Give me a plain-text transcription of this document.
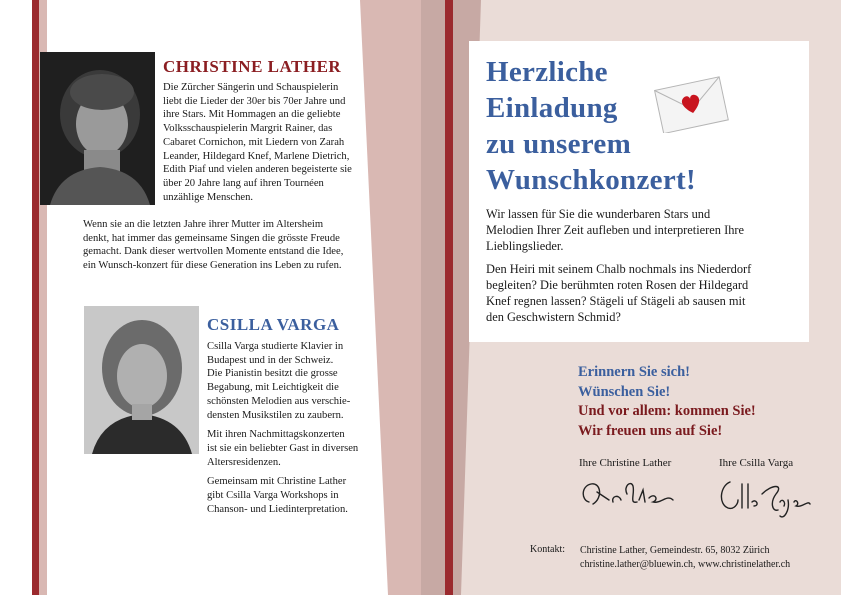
CHRISTINE LATHER
Die Zürcher Sängerin und Schauspielerin
liebt die Lieder der 30er bis 70er Jahre und
ihre Stars. Mit Hommagen an die geliebte
Volksschauspielerin Margrit Rainer, das
Cabaret Cornichon, mit Liedern von Zarah
Leander, Hildegard Knef, Marlene Dietrich,
Edith Piaf und vielen anderen begeisterte sie
über 20 Jahre lang auf ihren Tournéen
unzählige Menschen.
Wenn sie an die letzten Jahre ihrer Mutter im Altersheim
denkt, hat immer das gemeinsame Singen die grösste Freude
gemacht. Dank dieser wertvollen Momente entstand die Idee,
ein Wunsch-konzert für diese Generation ins Leben zu rufen.
CSILLA VARGA

Csilla Varga studierte Klavier in
Budapest und in der Schweiz.
Die Pianistin besitzt die grosse
Begabung, mit Leichtigkeit die
schönsten Melodien aus verschie-
densten Musikstilen zu zaubern.

Mit ihren Nachmittagskonzerten
ist sie ein beliebter Gast in diversen
Altersresidenzen.

Gemeinsam mit Christine Lather
gibt Csilla Varga Workshops in
Chanson- und Liedinterpretation.

Herzliche
Einladung
zu unserem
Wunschkonzert!

Wir lassen für Sie die wunderbaren Stars und
Melodien Ihrer Zeit aufleben und interpretieren Ihre
Lieblingslieder.

Den Heiri mit seinem Chalb nochmals ins Niederdorf
begleiten? Die berühmten roten Rosen der Hildegard
Knef regnen lassen? Stägeli uf Stägeli ab sausen mit
den Geschwistern Schmid?

Erinnern Sie sich!
Wünschen Sie!
Und vor allem: kommen Sie!
Wir freuen uns auf Sie!
Ihre Christine Lather	Ihre Csilla Varga
Kontakt: Christine Lather, Gemeindestr. 65, 8032 Zürich
christine.lather@bluewin.ch, www.christinelather.ch
